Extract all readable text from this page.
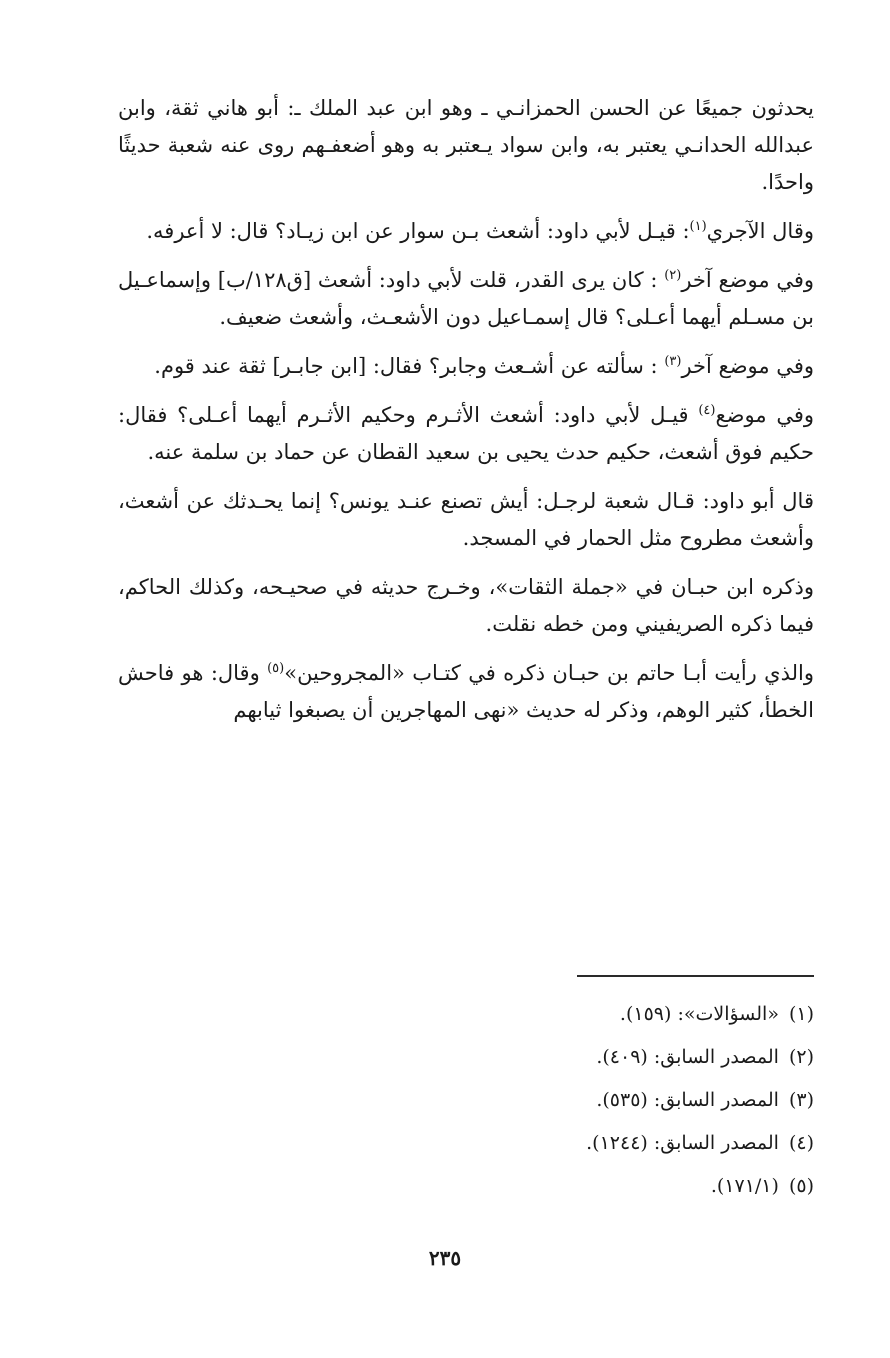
يحدثون جميعًا عن الحسن الحمزانـي ـ وهو ابن عبد الملك ـ: أبو هاني ثقة، وابن عبدالله الحدانـي يعتبر به، وابن سواد يـعتبر به وهو أضعفـهم روى عنه شعبة حديثًا واحدًا.

وقال الآجري$^{(١)}$: قيـل لأبي داود: أشعث بـن سوار عن ابن زيـاد؟ قال: لا أعرفه.

وفي موضع آخر$^{(٢)}$ : كان يرى القدر، قلت لأبي داود: أشعث [ق١٢٨/ب] وإسماعـيل بن مسـلم أيهما أعـلى؟ قال إسمـاعيل دون الأشعـث، وأشعث ضعيف.

وفي موضع آخر$^{(٣)}$ : سألته عن أشـعث وجابر؟ فقال: [ابن جابـر] ثقة عند قوم.

وفي موضع$^{(٤)}$ قيـل لأبي داود: أشعث الأثـرم وحكيم الأثـرم أيهما أعـلى؟ فقال: حكيم فوق أشعث، حكيم حدث يحيى بن سعيد القطان عن حماد بن سلمة عنه.

قال أبو داود: قـال شعبة لرجـل: أيش تصنع عنـد يونس؟ إنما يحـدثك عن أشعث، وأشعث مطروح مثل الحمار في المسجد.

وذكره ابن حبـان في «جملة الثقات»، وخـرج حديثه في صحيـحه، وكذلك الحاكم، فيما ذكره الصريفيني ومن خطه نقلت.

والذي رأيت أبـا حاتم بن حبـان ذكره في كتـاب «المجروحين»$^{(٥)}$ وقال: هو فاحش الخطأ، كثير الوهم، وذكر له حديث «نهى المهاجرين أن يصبغوا ثيابهم

(١)«السؤالات»: (١٥٩).

(٢)المصدر السابق: (٤٠٩).

(٣)المصدر السابق: (٥٣٥).

(٤)المصدر السابق: (١٢٤٤).

(٥)(١٧١/١).

٢٣٥
